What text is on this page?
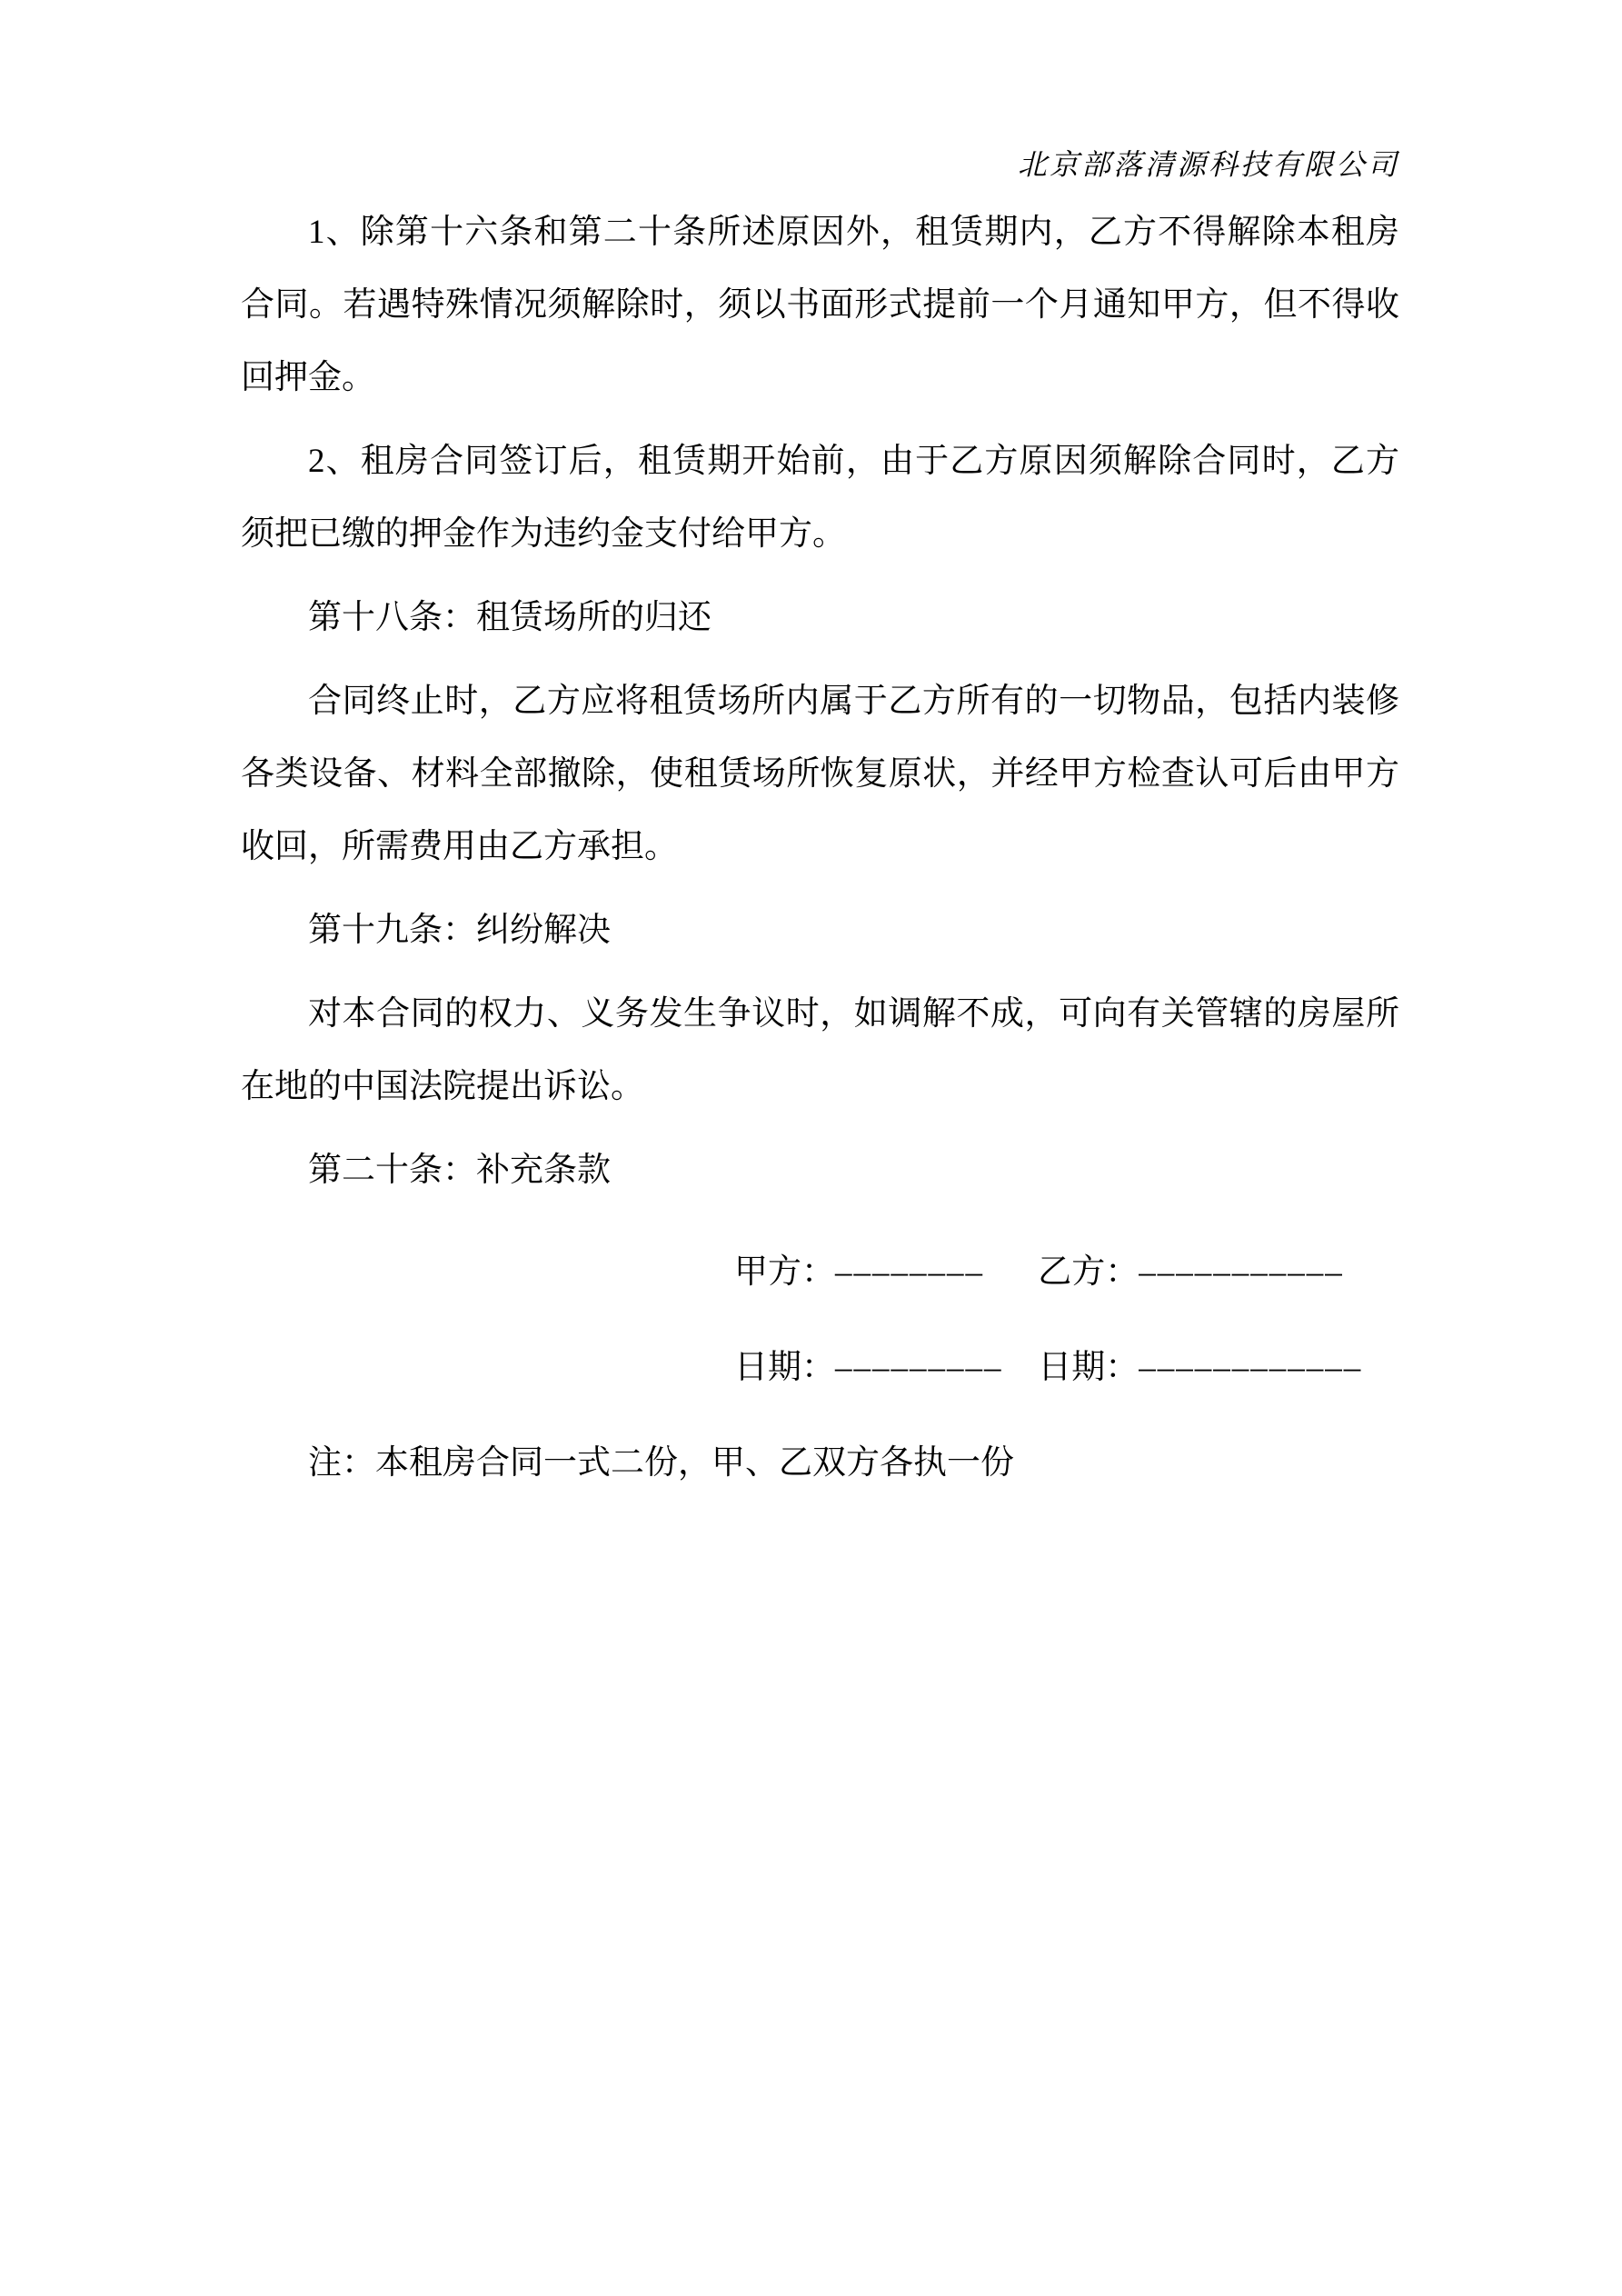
北京部落清源科技有限公司

1、除第十六条和第二十条所述原因外，租赁期内，乙方不得解除本租房合同。若遇特殊情况须解除时，须以书面形式提前一个月通知甲方，但不得收回押金。

2、租房合同签订后，租赁期开始前，由于乙方原因须解除合同时，乙方须把已缴的押金作为违约金支付给甲方。

第十八条：租赁场所的归还

合同终止时，乙方应将租赁场所内属于乙方所有的一切物品，包括内装修各类设备、材料全部撤除，使租赁场所恢复原状，并经甲方检查认可后由甲方收回，所需费用由乙方承担。

第十九条：纠纷解决

对本合同的权力、义务发生争议时，如调解不成，可向有关管辖的房屋所在地的中国法院提出诉讼。

第二十条：补充条款

甲方：–––––––– 乙方：–––––––––––
日期：––––––––– 日期：––––––––––––

注：本租房合同一式二份，甲、乙双方各执一份
